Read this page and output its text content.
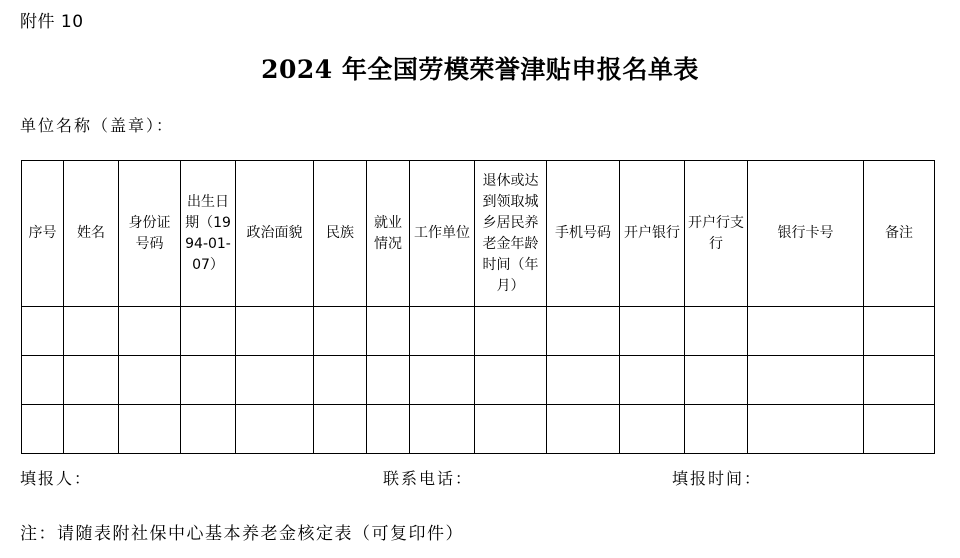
附件 10
2024 年全国劳模荣誉津贴申报名单表
单位名称（盖章）：
序号	姓名	身份证号码	出生日期（1994-01-07）	政治面貌	民族	就业情况	工作单位	退休或达到领取城乡居民养老金年龄时间（年月）	手机号码	开户银行	开户行支行	银行卡号	备注

填报人：	联系电话：	填报时间：
注：请随表附社保中心基本养老金核定表（可复印件）
